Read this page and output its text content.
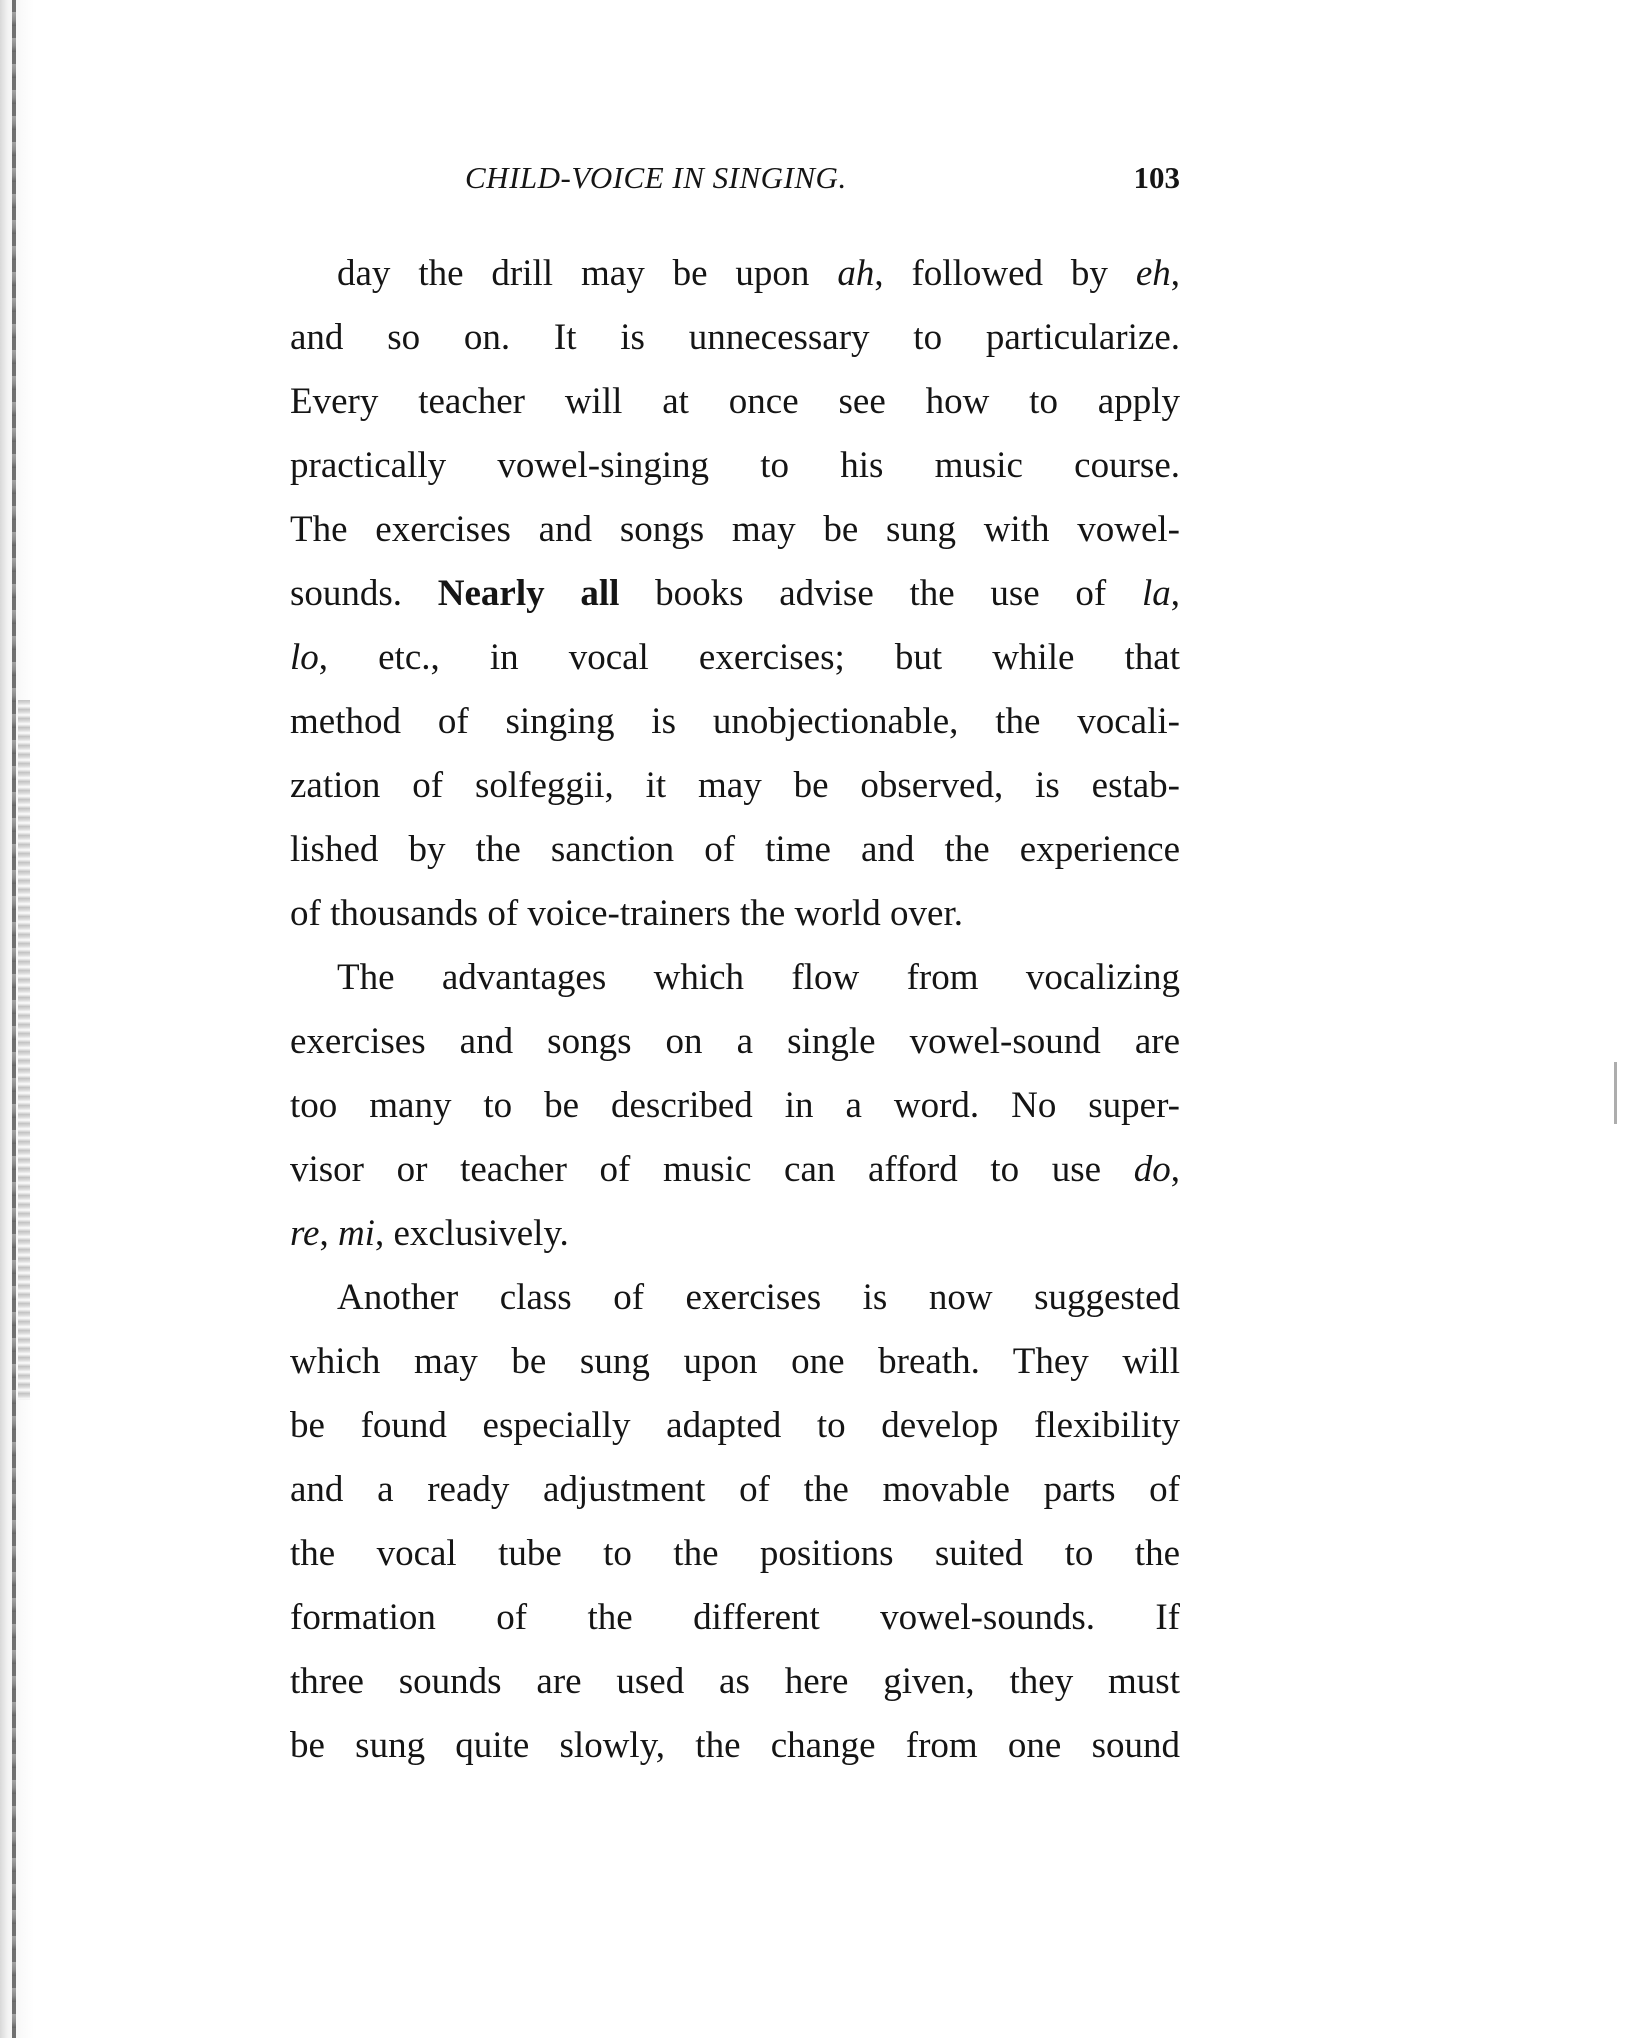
CHILD-VOICE IN SINGING.	103
day the drill may be upon ah, followed by eh,
and so on. It is unnecessary to particularize.
Every teacher will at once see how to apply
practically vowel-singing to his music course.
The exercises and songs may be sung with vowel-
sounds. Nearly all books advise the use of la,
lo, etc., in vocal exercises; but while that
method of singing is unobjectionable, the vocali-
zation of solfeggii, it may be observed, is estab-
lished by the sanction of time and the experience
of thousands of voice-trainers the world over.
The advantages which flow from vocalizing
exercises and songs on a single vowel-sound are
too many to be described in a word. No super-
visor or teacher of music can afford to use do,
re, mi, exclusively.
Another class of exercises is now suggested
which may be sung upon one breath. They will
be found especially adapted to develop flexibility
and a ready adjustment of the movable parts of
the vocal tube to the positions suited to the
formation of the different vowel-sounds. If
three sounds are used as here given, they must
be sung quite slowly, the change from one sound
